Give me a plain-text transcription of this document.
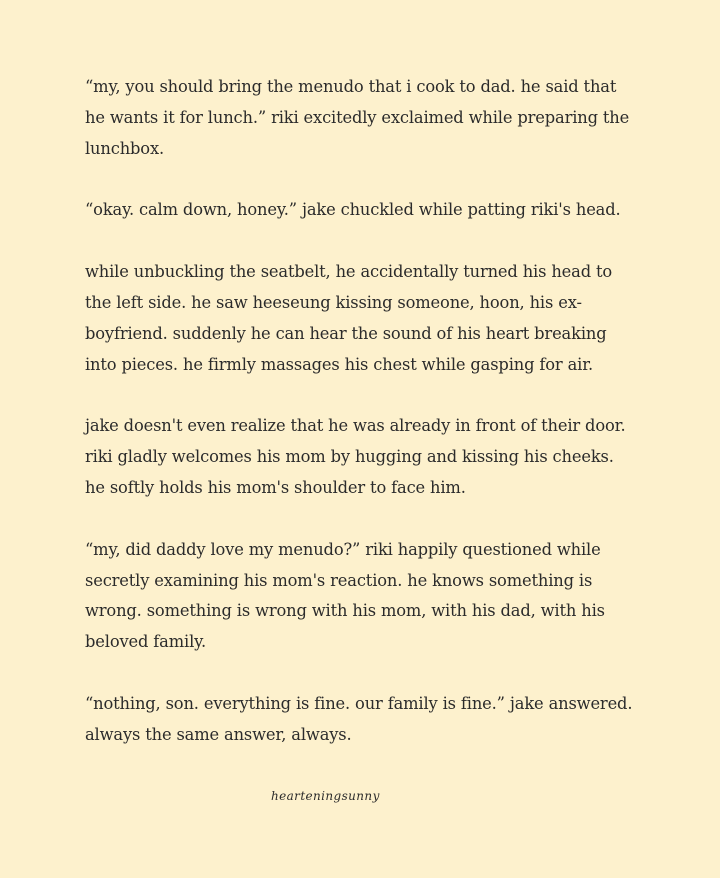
“my, you should bring the menudo that i cook to dad. he said that he wants it for lunch.” riki excitedly exclaimed while preparing the lunchbox.

“okay. calm down, honey.” jake chuckled while patting riki's head.

while unbuckling the seatbelt, he accidentally turned his head to the left side. he saw heeseung kissing someone, hoon, his ex-boyfriend. suddenly he can hear the sound of his heart breaking into pieces. he firmly massages his chest while gasping for air.

jake doesn't even realize that he was already in front of their door. riki gladly welcomes his mom by hugging and kissing his cheeks. he softly holds his mom's shoulder to face him.

“my, did daddy love my menudo?” riki happily questioned while secretly examining his mom's reaction. he knows something is wrong. something is wrong with his mom, with his dad, with his beloved family.

“nothing, son. everything is fine. our family is fine.” jake answered. always the same answer, always.

hearteningsunny
